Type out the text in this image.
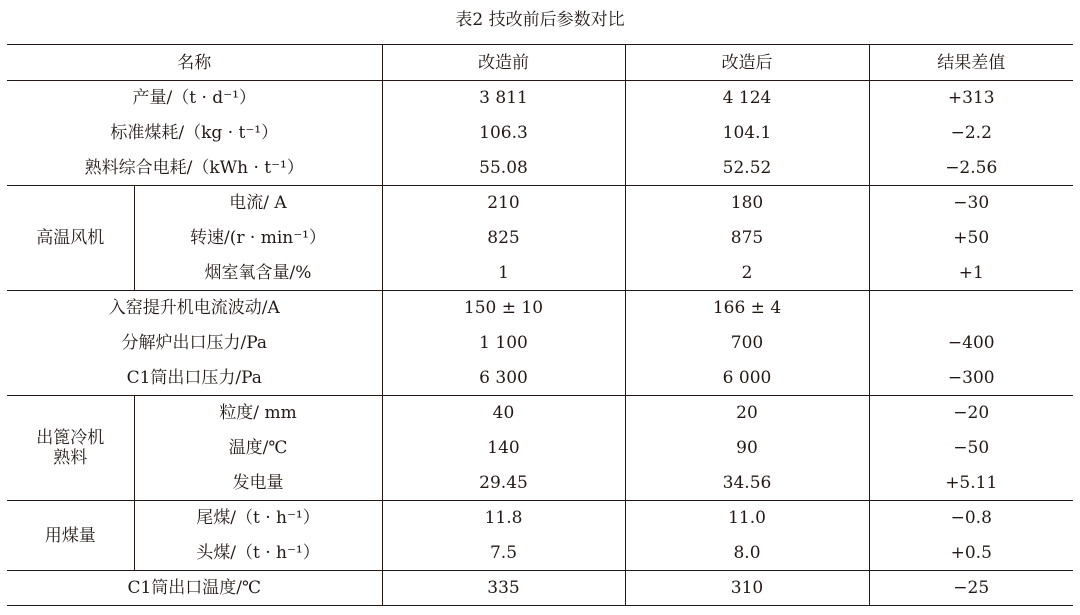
表2 技改前后参数对比
名称		改造前	改造后	结果差值
产量/（t · d⁻¹）		3 811	4 124	+313
标准煤耗/（kg · t⁻¹）		106.3	104.1	−2.2
熟料综合电耗/（kWh · t⁻¹）		55.08	52.52	−2.56
高温风机	电流/ A	210	180	−30
	转速/(r · min⁻¹）	825	875	+50
	烟室氧含量/%	1	2	+1
入窑提升机电流波动/A		150 ± 10	166 ± 4	
分解炉出口压力/Pa		1 100	700	−400
C1筒出口压力/Pa		6 300	6 000	−300

出篦冷机
熟料	粒度/ mm	40	20	−20
	温度/℃	140	90	−50
	发电量	29.45	34.56	+5.11
用煤量	尾煤/（t · h⁻¹）	11.8	11.0	−0.8
	头煤/（t · h⁻¹）	7.5	8.0	+0.5
C1筒出口温度/℃		335	310	−25
